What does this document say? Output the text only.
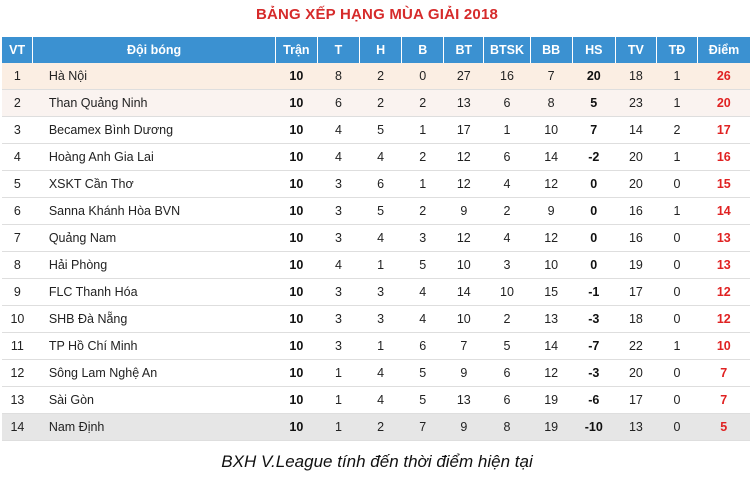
BẢNG XẾP HẠNG MÙA GIẢI 2018
VT	Đội bóng	Trận	T	H	B	BT	BTSK	BB	HS	TV	TĐ	Điểm
1	Hà Nội	10	8	2	0	27	16	7	20	18	1	26
2	Than Quảng Ninh	10	6	2	2	13	6	8	5	23	1	20
3	Becamex Bình Dương	10	4	5	1	17	1	10	7	14	2	17
4	Hoàng Anh Gia Lai	10	4	4	2	12	6	14	-2	20	1	16
5	XSKT Cần Thơ	10	3	6	1	12	4	12	0	20	0	15
6	Sanna Khánh Hòa BVN	10	3	5	2	9	2	9	0	16	1	14
7	Quảng Nam	10	3	4	3	12	4	12	0	16	0	13
8	Hải Phòng	10	4	1	5	10	3	10	0	19	0	13
9	FLC Thanh Hóa	10	3	3	4	14	10	15	-1	17	0	12
10	SHB Đà Nẵng	10	3	3	4	10	2	13	-3	18	0	12
11	TP Hồ Chí Minh	10	3	1	6	7	5	14	-7	22	1	10
12	Sông Lam Nghệ An	10	1	4	5	9	6	12	-3	20	0	7
13	Sài Gòn	10	1	4	5	13	6	19	-6	17	0	7
14	Nam Định	10	1	2	7	9	8	19	-10	13	0	5
BXH V.League tính đến thời điểm hiện tại
